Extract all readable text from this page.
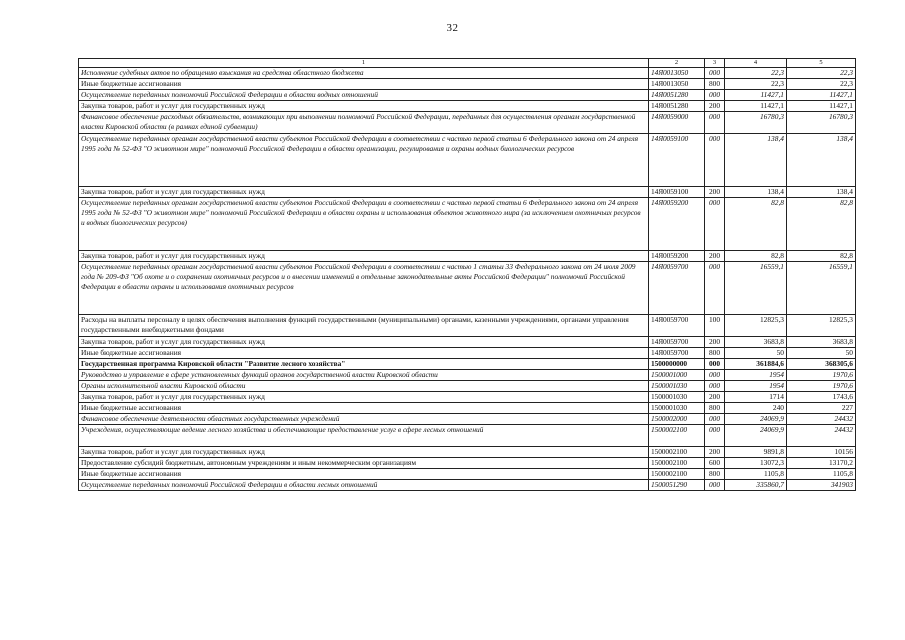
32
1	2	3	4	5
Исполнение судебных актов по обращению взыскания на средства областного бюджета	14Я0013050	000	22,3	22,3
Иные бюджетные ассигнования	14Я0013050	800	22,3	22,3
Осуществление переданных полномочий Российской Федерации в области водных отношений	14Я0051280	000	11427,1	11427,1
Закупка товаров, работ и услуг для государственных нужд	14Я0051280	200	11427,1	11427,1
Финансовое обеспечение расходных обязательств, возникающих при выполнении полномочий Российской Федерации, переданных для осуществления органам государственной власти Кировской области (в рамках единой субвенции)	14Я0059000	000	16780,3	16780,3
Осуществление переданных органам государственной власти субъектов Российской Федерации в соответствии с частью первой статьи 6 Федерального закона от 24 апреля 1995 года № 52-ФЗ "О животном мире" полномочий Российской Федерации в области организации, регулирования и охраны водных биологических ресурсов	14Я0059100	000	138,4	138,4
Закупка товаров, работ и услуг для государственных нужд	14Я0059100	200	138,4	138,4
Осуществление переданных органам государственной власти субъектов Российской Федерации в соответствии с частью первой статьи 6 Федерального закона от 24 апреля 1995 года № 52-ФЗ "О животном мире" полномочий Российской Федерации в области охраны и использования объектов животного мира (за исключением охотничьих ресурсов и водных биологических ресурсов)	14Я0059200	000	82,8	82,8
Закупка товаров, работ и услуг для государственных нужд	14Я0059200	200	82,8	82,8
Осуществление переданных органам государственной власти субъектов Российской Федерации в соответствии с частью 1 статьи 33 Федерального закона от 24 июля 2009 года № 209-ФЗ "Об охоте и о сохранении охотничьих ресурсов и о внесении изменений в отдельные законодательные акты Российской Федерации" полномочий Российской Федерации в области охраны и использования охотничьих ресурсов	14Я0059700	000	16559,1	16559,1
Расходы на выплаты персоналу в целях обеспечения выполнения функций государственными (муниципальными) органами, казенными учреждениями, органами управления государственными внебюджетными фондами	14Я0059700	100	12825,3	12825,3
Закупка товаров, работ и услуг для государственных нужд	14Я0059700	200	3683,8	3683,8
Иные бюджетные ассигнования	14Я0059700	800	50	50
Государственная программа Кировской области "Развитие лесного хозяйства"	1500000000	000	361884,6	368305,6
Руководство и управление в сфере установленных функций органов государственной власти Кировской области	1500001000	000	1954	1970,6
Органы исполнительной власти Кировской области	1500001030	000	1954	1970,6
Закупка товаров, работ и услуг для государственных нужд	1500001030	200	1714	1743,6
Иные бюджетные ассигнования	1500001030	800	240	227
Финансовое обеспечение деятельности областных государственных учреждений	1500002000	000	24069,9	24432
Учреждения, осуществляющие ведение лесного хозяйства и обеспечивающие предоставление услуг в сфере лесных отношений	1500002100	000	24069,9	24432
Закупка товаров, работ и услуг для государственных нужд	1500002100	200	9891,8	10156
Предоставление субсидий бюджетным, автономным учреждениям и иным некоммерческим организациям	1500002100	600	13072,3	13170,2
Иные бюджетные ассигнования	1500002100	800	1105,8	1105,8
Осуществление переданных полномочий Российской Федерации в области лесных отношений	1500051290	000	335860,7	341903
